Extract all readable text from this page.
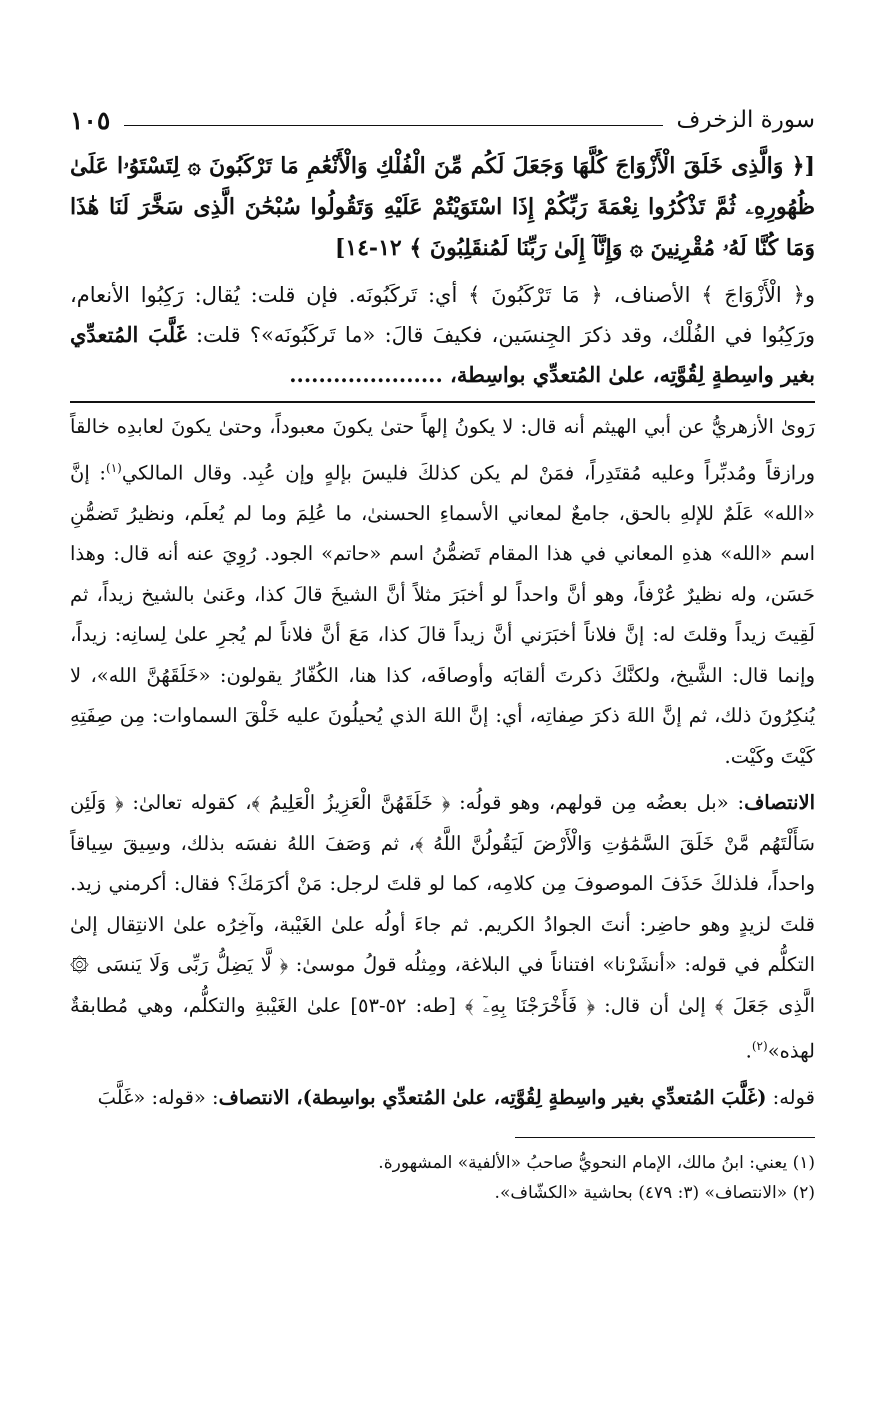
سورة الزخرف
١٠٥
[﴿ وَالَّذِى خَلَقَ الْأَزْوَاجَ كُلَّهَا وَجَعَلَ لَكُم مِّنَ الْفُلْكِ وَالْأَنْعَٰمِ مَا تَرْكَبُونَ ۞ لِتَسْتَوُۥا عَلَىٰ ظُهُورِهِۦ ثُمَّ تَذْكُرُوا نِعْمَةَ رَبِّكُمْ إِذَا اسْتَوَيْتُمْ عَلَيْهِ وَتَقُولُوا سُبْحَٰنَ الَّذِى سَخَّرَ لَنَا هَٰذَا وَمَا كُنَّا لَهُۥ مُقْرِنِينَ ۞ وَإِنَّآ إِلَىٰ رَبِّنَا لَمُنقَلِبُونَ ﴾ ١٢-١٤]
و﴿ الْأَزْوَاجَ ﴾ الأصناف، ﴿ مَا تَرْكَبُونَ ﴾ أي: تَركَبُونَه. فإن قلت: يُقال: رَكِبُوا الأنعام، ورَكِبُوا في الفُلْك، وقد ذكرَ الجِنسَين، فكيفَ قالَ: «ما تَركَبُونَه»؟ قلت: غَلَّبَ المُتعدِّي بغير واسِطةٍ لِقُوَّتِه، علىٰ المُتعدِّي بواسِطة، .....................

رَوىٰ الأزهريُّ عن أبي الهيثم أنه قال: لا يكونُ إلهاً حتىٰ يكونَ معبوداً، وحتىٰ يكونَ لعابدِه خالقاً ورازقاً ومُدبِّراً وعليه مُقتَدِراً، فمَنْ لم يكن كذلكَ فليسَ بإلهٍ وإن عُبِد. وقال المالكي$^{(١)}$: إنَّ «الله» عَلَمٌ للإلهِ بالحق، جامعٌ لمعاني الأسماءِ الحسنىٰ، ما عُلِمَ وما لم يُعلَم، ونظيرُ تَضمُّنِ اسم «الله» هذهِ المعاني في هذا المقام تَضمُّنُ اسم «حاتم» الجود. رُوِيَ عنه أنه قال: وهذا حَسَن، وله نظيرٌ عُرْفاً، وهو أنَّ واحداً لو أخبَرَ مثلاً أنَّ الشيخَ قالَ كذا، وعَنىٰ بالشيخ زيداً، ثم لَقِيتَ زيداً وقلتَ له: إنَّ فلاناً أخبَرَني أنَّ زيداً قالَ كذا، مَعَ أنَّ فلاناً لم يُجرِ علىٰ لِسانِه: زيداً، وإنما قال: الشَّيخ، ولكنَّكَ ذكرتَ ألقابَه وأوصافَه، كذا هنا، الكُفّارُ يقولون: «خَلَقَهُنَّ الله»، لا يُنكِرُونَ ذلك، ثم إنَّ اللهَ ذكرَ صِفاتِه، أي: إنَّ اللهَ الذي يُحيلُونَ عليه خَلْقَ السماوات: مِن صِفَتِهِ كَيْتَ وكَيْت.

الانتصاف: «بل بعضُه مِن قولهم، وهو قولُه: ﴿ خَلَقَهُنَّ الْعَزِيزُ الْعَلِيمُ ﴾، كقوله تعالىٰ: ﴿ وَلَئِن سَأَلْتَهُم مَّنْ خَلَقَ السَّمَٰوَٰتِ وَالْأَرْضَ لَيَقُولُنَّ اللَّهُ ﴾، ثم وَصَفَ اللهُ نفسَه بذلك، وسِيقَ سِياقاً واحداً، فلذلكَ حَذَفَ الموصوفَ مِن كلامِه، كما لو قلتَ لرجل: مَنْ أكرَمَكَ؟ فقال: أكرمني زيد. قلتَ لزيدٍ وهو حاضِر: أنتَ الجوادُ الكريم. ثم جاءَ أولُه علىٰ الغَيْبة، وآخِرُه علىٰ الانتِقال إلىٰ التكلُّم في قوله: «أنشَرْنا» افتناناً في البلاغة، ومِثلُه قولُ موسىٰ: ﴿ لَّا يَضِلُّ رَبِّى وَلَا يَنسَى ۞ الَّذِى جَعَلَ ﴾ إلىٰ أن قال: ﴿ فَأَخْرَجْنَا بِهِۦٓ ﴾ [طه: ٥٢-٥٣] علىٰ الغَيْبةِ والتكلُّم، وهي مُطابقةٌ لهذه»$^{(٢)}$.

قوله: (غَلَّبَ المُتعدِّي بغير واسِطةٍ لِقُوَّتِه، علىٰ المُتعدِّي بواسِطة)، الانتصاف: «قوله: «غَلَّبَ

(١) يعني: ابنُ مالك، الإمام النحويُّ صاحبُ «الألفية» المشهورة.
(٢) «الانتصاف» (٣: ٤٧٩) بحاشية «الكشّاف».
